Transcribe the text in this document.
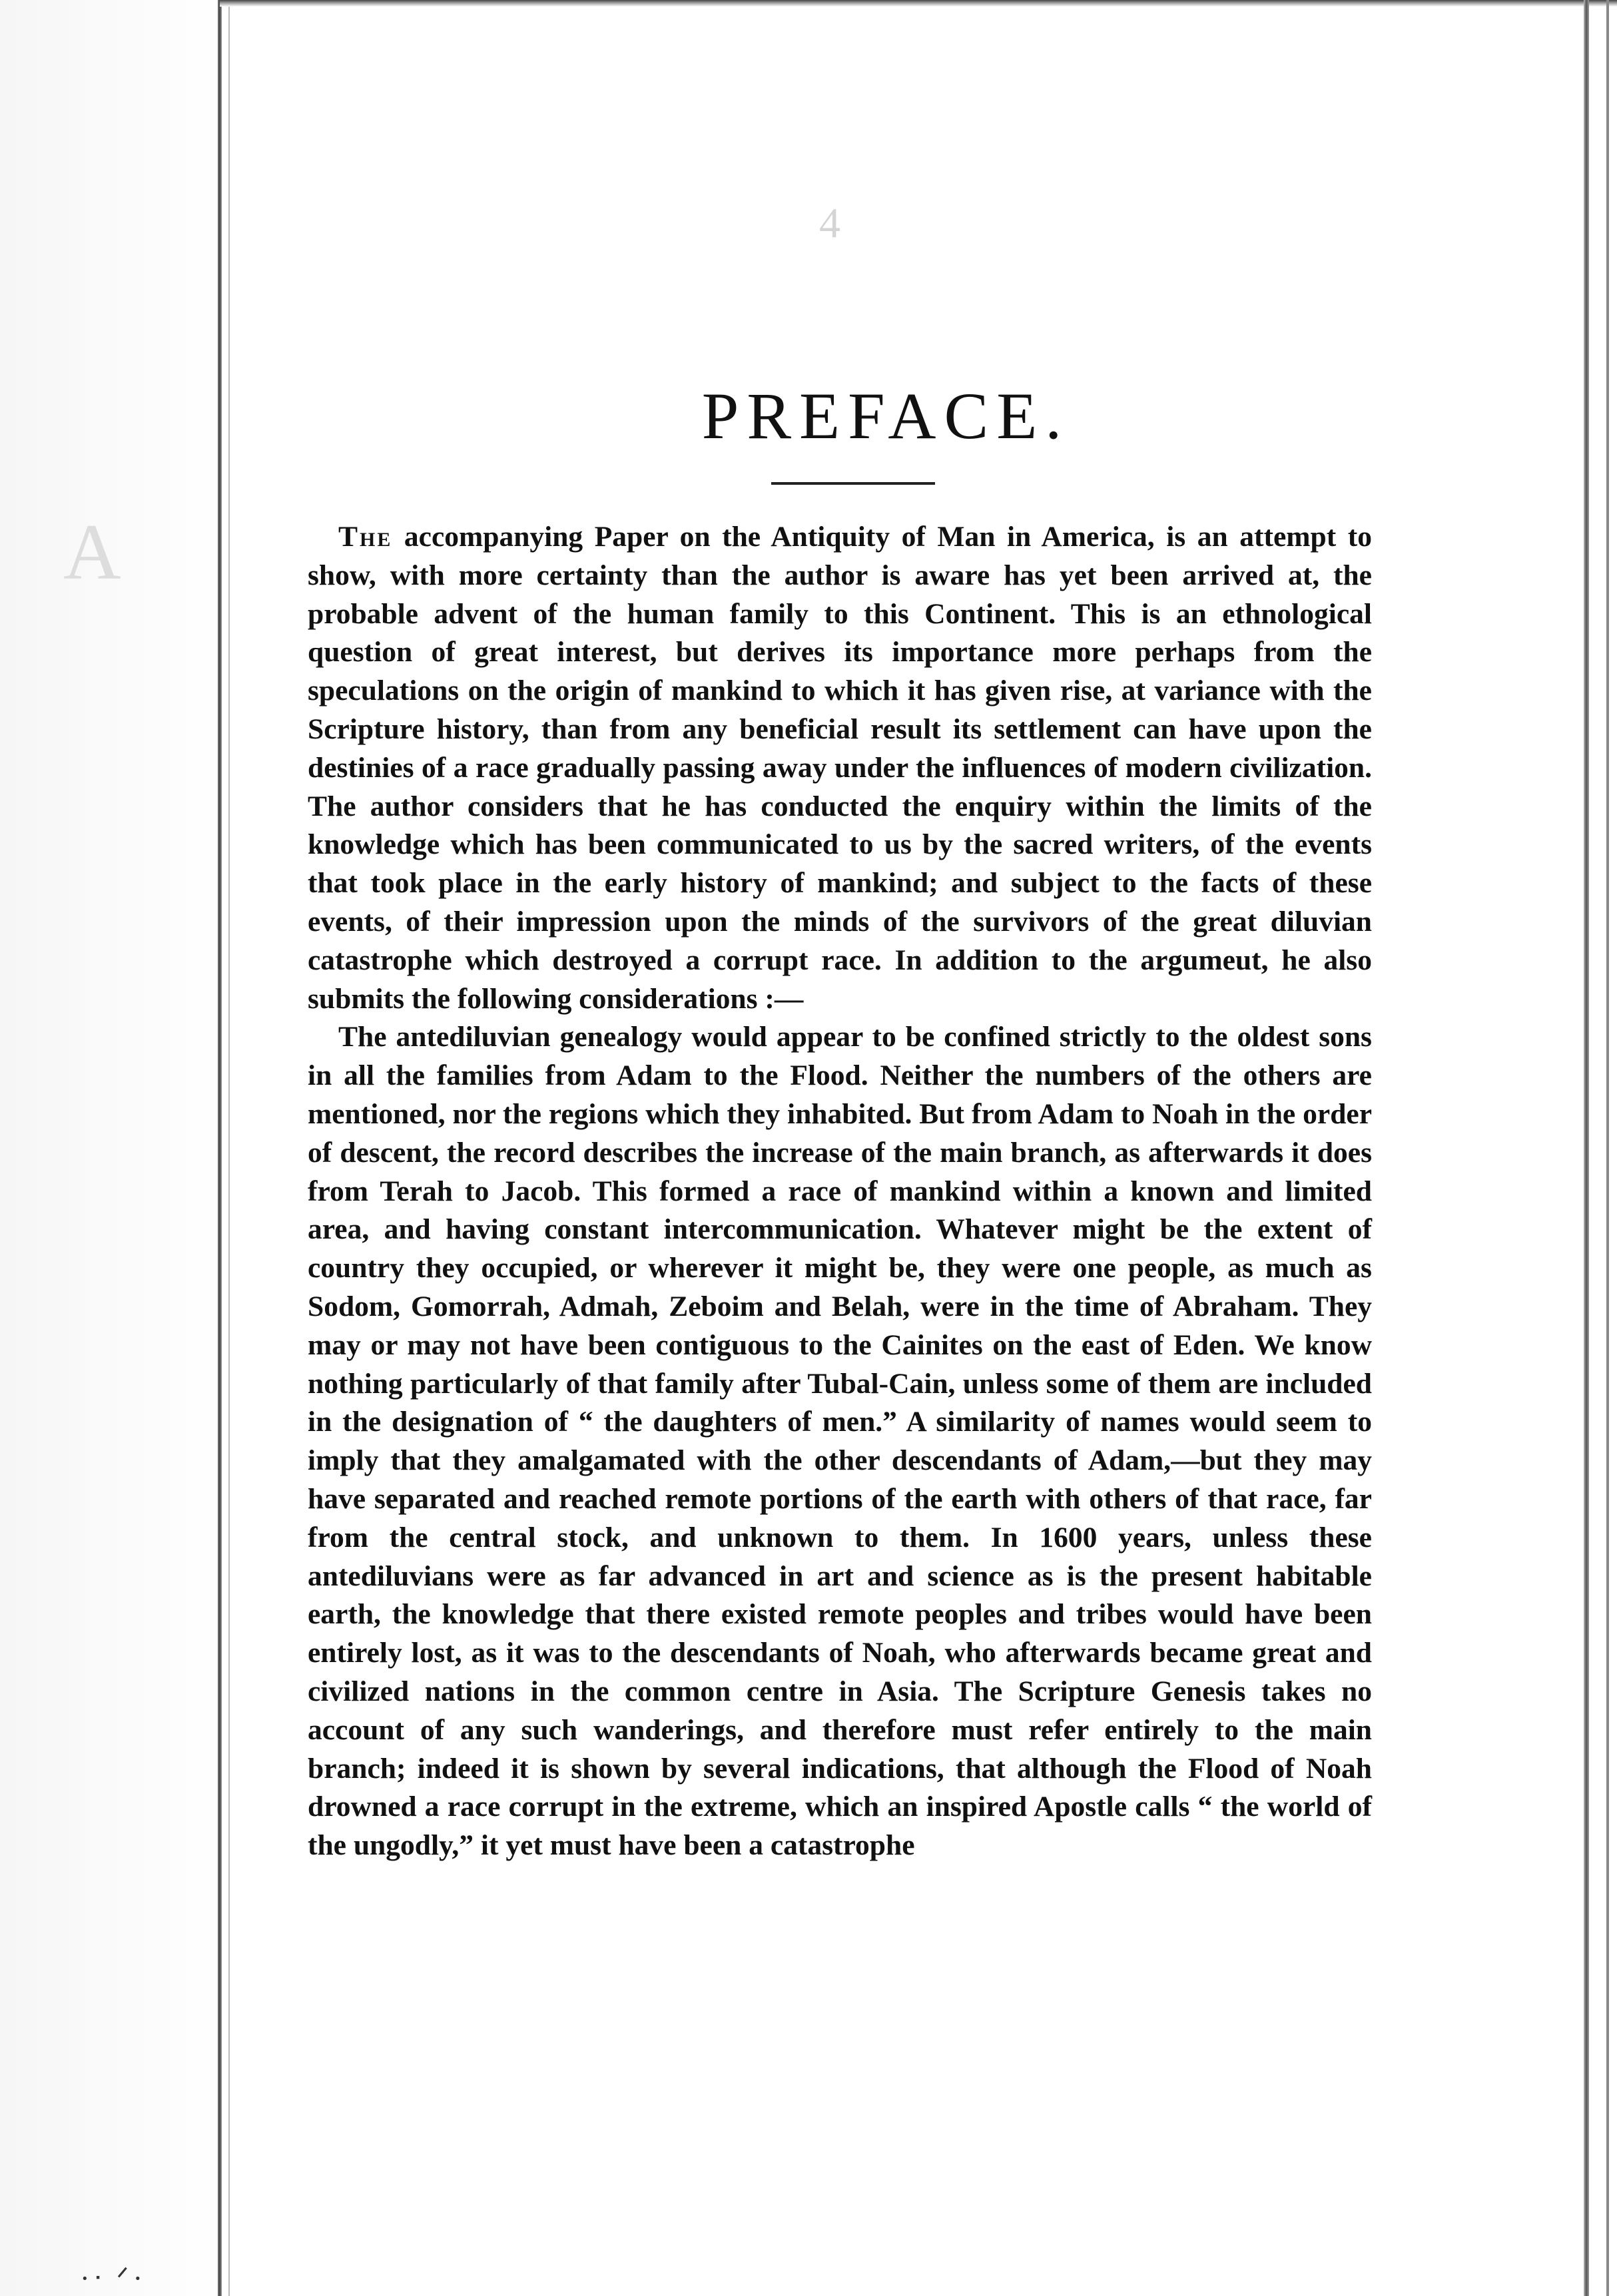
4
A
·ᐧ ᐟ·
PREFACE.

The accompanying Paper on the Antiquity of Man in America, is an attempt to show, with more certainty than the author is aware has yet been arrived at, the probable advent of the human family to this Continent. This is an ethnological question of great interest, but derives its importance more perhaps from the speculations on the origin of mankind to which it has given rise, at variance with the Scripture history, than from any beneficial result its settlement can have upon the destinies of a race gradually passing away under the influences of modern civilization. The author considers that he has conducted the enquiry within the limits of the knowledge which has been communicated to us by the sacred writers, of the events that took place in the early history of mankind; and subject to the facts of these events, of their impression upon the minds of the survivors of the great diluvian catastrophe which destroyed a corrupt race. In addition to the argumeut, he also submits the following considerations :—

The antediluvian genealogy would appear to be confined strictly to the oldest sons in all the families from Adam to the Flood. Neither the numbers of the others are mentioned, nor the regions which they inhabited. But from Adam to Noah in the order of descent, the record describes the increase of the main branch, as afterwards it does from Terah to Jacob. This formed a race of mankind within a known and limited area, and having constant intercommunication. Whatever might be the extent of country they occupied, or wherever it might be, they were one people, as much as Sodom, Gomorrah, Admah, Zeboim and Belah, were in the time of Abraham. They may or may not have been contiguous to the Cainites on the east of Eden. We know nothing particularly of that family after Tubal-Cain, unless some of them are included in the designation of “ the daughters of men.” A similarity of names would seem to imply that they amalgamated with the other descendants of Adam,—but they may have separated and reached remote portions of the earth with others of that race, far from the central stock, and unknown to them. In 1600 years, unless these antediluvians were as far advanced in art and science as is the present habitable earth, the knowledge that there existed remote peoples and tribes would have been entirely lost, as it was to the descendants of Noah, who afterwards became great and civilized nations in the common centre in Asia. The Scripture Genesis takes no account of any such wanderings, and therefore must refer entirely to the main branch; indeed it is shown by several indications, that although the Flood of Noah drowned a race corrupt in the extreme, which an inspired Apostle calls “ the world of the ungodly,” it yet must have been a catastrophe
